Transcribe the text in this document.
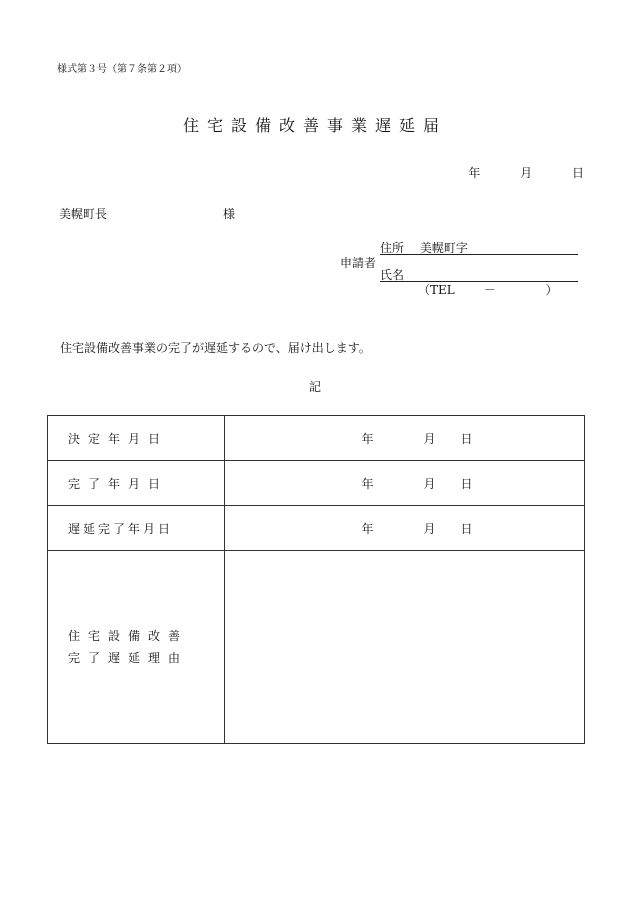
様式第３号（第７条第２項）
住宅設備改善事業遅延届
年	月	日
美幌町長	様
申請者
住所 美幌町字
氏名
（TEL －	）
住宅設備改善事業の完了が遅延するので、届け出します。
記
決定年月日	年 月 日
完了年月日	年 月 日
遅延完了年月日	年 月 日

住宅設備改善
完了遅延理由	
